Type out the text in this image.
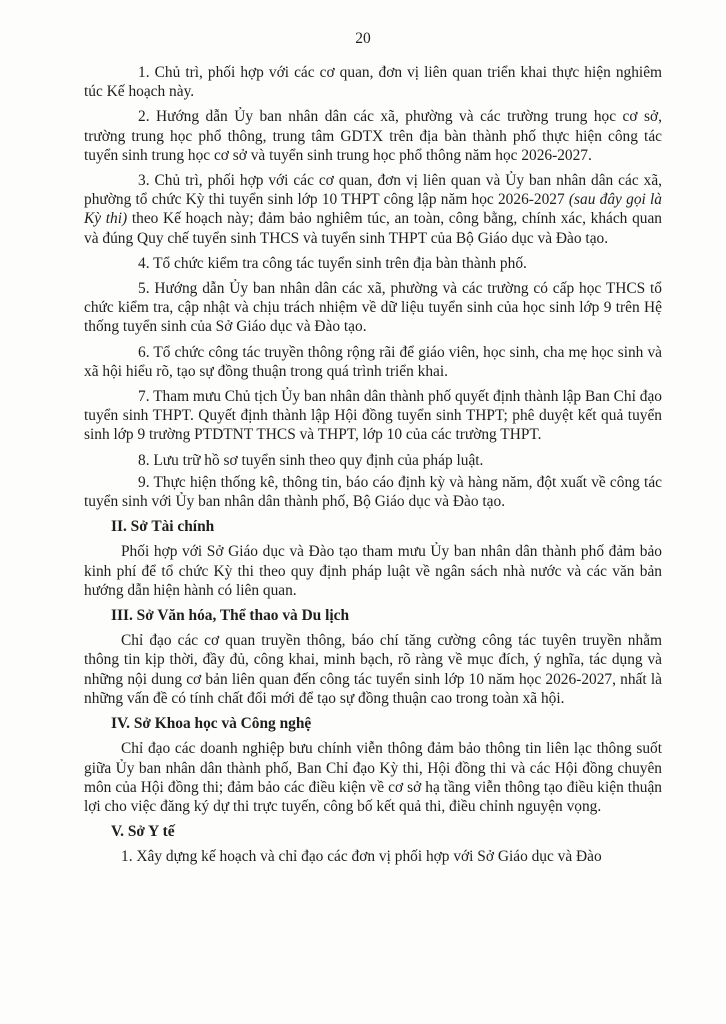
20

1. Chủ trì, phối hợp với các cơ quan, đơn vị liên quan triển khai thực hiện nghiêm túc Kế hoạch này.

2. Hướng dẫn Ủy ban nhân dân các xã, phường và các trường trung học cơ sở, trường trung học phổ thông, trung tâm GDTX trên địa bàn thành phố thực hiện công tác tuyển sinh trung học cơ sở và tuyển sinh trung học phổ thông năm học 2026-2027.

3. Chủ trì, phối hợp với các cơ quan, đơn vị liên quan và Ủy ban nhân dân các xã, phường tổ chức Kỳ thi tuyển sinh lớp 10 THPT công lập năm học 2026-2027 (sau đây gọi là Kỳ thi) theo Kế hoạch này; đảm bảo nghiêm túc, an toàn, công bằng, chính xác, khách quan và đúng Quy chế tuyển sinh THCS và tuyển sinh THPT của Bộ Giáo dục và Đào tạo.

4. Tổ chức kiểm tra công tác tuyển sinh trên địa bàn thành phố.

5. Hướng dẫn Ủy ban nhân dân các xã, phường và các trường có cấp học THCS tổ chức kiểm tra, cập nhật và chịu trách nhiệm về dữ liệu tuyển sinh của học sinh lớp 9 trên Hệ thống tuyển sinh của Sở Giáo dục và Đào tạo.

6. Tổ chức công tác truyền thông rộng rãi để giáo viên, học sinh, cha mẹ học sinh và xã hội hiểu rõ, tạo sự đồng thuận trong quá trình triển khai.

7. Tham mưu Chủ tịch Ủy ban nhân dân thành phố quyết định thành lập Ban Chỉ đạo tuyển sinh THPT. Quyết định thành lập Hội đồng tuyển sinh THPT; phê duyệt kết quả tuyển sinh lớp 9 trường PTDTNT THCS và THPT, lớp 10 của các trường THPT.

8. Lưu trữ hồ sơ tuyển sinh theo quy định của pháp luật.

9. Thực hiện thống kê, thông tin, báo cáo định kỳ và hàng năm, đột xuất về công tác tuyển sinh với Ủy ban nhân dân thành phố, Bộ Giáo dục và Đào tạo.

II. Sở Tài chính

Phối hợp với Sở Giáo dục và Đào tạo tham mưu Ủy ban nhân dân thành phố đảm bảo kinh phí để tổ chức Kỳ thi theo quy định pháp luật về ngân sách nhà nước và các văn bản hướng dẫn hiện hành có liên quan.

III. Sở Văn hóa, Thể thao và Du lịch

Chỉ đạo các cơ quan truyền thông, báo chí tăng cường công tác tuyên truyền nhằm thông tin kịp thời, đầy đủ, công khai, minh bạch, rõ ràng về mục đích, ý nghĩa, tác dụng và những nội dung cơ bản liên quan đến công tác tuyển sinh lớp 10 năm học 2026-2027, nhất là những vấn đề có tính chất đổi mới để tạo sự đồng thuận cao trong toàn xã hội.

IV. Sở Khoa học và Công nghệ

Chỉ đạo các doanh nghiệp bưu chính viễn thông đảm bảo thông tin liên lạc thông suốt giữa Ủy ban nhân dân thành phố, Ban Chỉ đạo Kỳ thi, Hội đồng thi và các Hội đồng chuyên môn của Hội đồng thi; đảm bảo các điều kiện về cơ sở hạ tầng viễn thông tạo điều kiện thuận lợi cho việc đăng ký dự thi trực tuyến, công bố kết quả thi, điều chỉnh nguyện vọng.

V. Sở Y tế

1. Xây dựng kế hoạch và chỉ đạo các đơn vị phối hợp với Sở Giáo dục và Đào
